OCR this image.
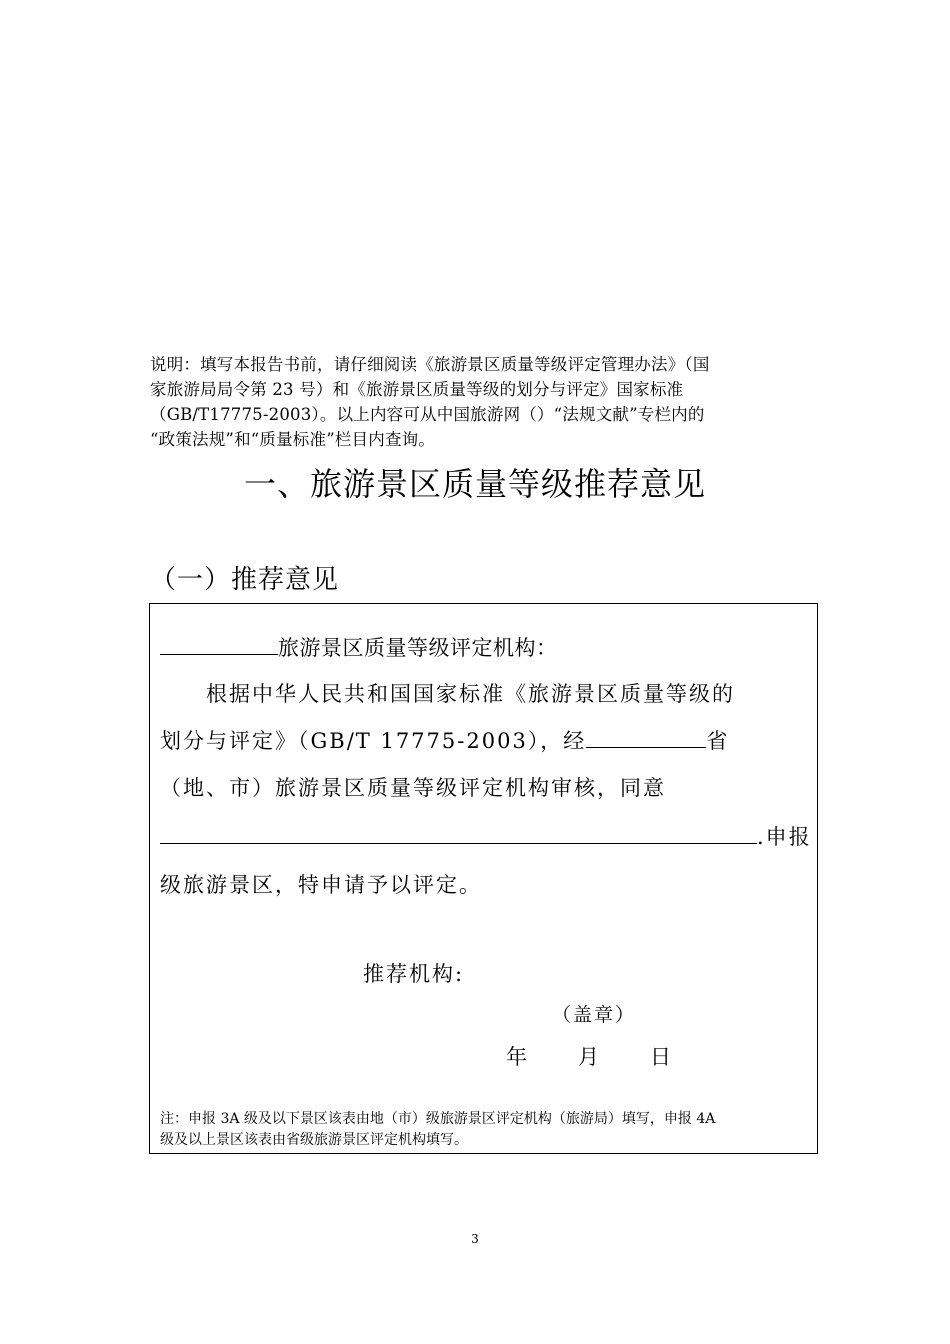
说明：填写本报告书前，请仔细阅读《旅游景区质量等级评定管理办法》（国
家旅游局局令第 23 号）和《旅游景区质量等级的划分与评定》国家标准
（GB/T17775-2003）。以上内容可从中国旅游网（）“法规文献”专栏内的
“政策法规”和“质量标准”栏目内查询。
一、旅游景区质量等级推荐意见
（一）推荐意见
旅游景区质量等级评定机构：
根据中华人民共和国国家标准《旅游景区质量等级的
划分与评定》（GB/T 17775-2003），经	省
（地、市）旅游景区质量等级评定机构审核，同意
.申报
级旅游景区，特申请予以评定。
推荐机构:
（盖章）
年 月 日
注：申报 3A 级及以下景区该表由地（市）级旅游景区评定机构（旅游局）填写，申报 4A
级及以上景区该表由省级旅游景区评定机构填写。
3
